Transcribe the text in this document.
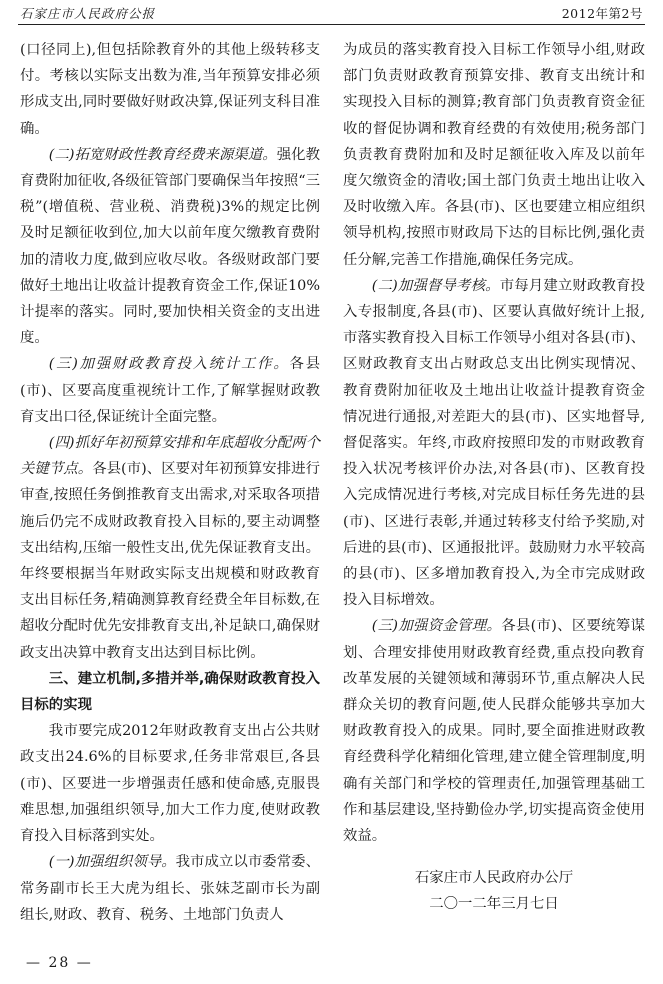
石家庄市人民政府公报	2012年第2号

(口径同上),但包括除教育外的其他上级转移支付。考核以实际支出数为准,当年预算安排必须形成支出,同时要做好财政决算,保证列支科目准确。

(二)拓宽财政性教育经费来源渠道。强化教育费附加征收,各级征管部门要确保当年按照“三税”(增值税、营业税、消费税)3%的规定比例及时足额征收到位,加大以前年度欠缴教育费附加的清收力度,做到应收尽收。各级财政部门要做好土地出让收益计提教育资金工作,保证10%计提率的落实。同时,要加快相关资金的支出进度。

(三)加强财政教育投入统计工作。各县(市)、区要高度重视统计工作,了解掌握财政教育支出口径,保证统计全面完整。

(四)抓好年初预算安排和年底超收分配两个关键节点。各县(市)、区要对年初预算安排进行审查,按照任务倒推教育支出需求,对采取各项措施后仍完不成财政教育投入目标的,要主动调整支出结构,压缩一般性支出,优先保证教育支出。年终要根据当年财政实际支出规模和财政教育支出目标任务,精确测算教育经费全年目标数,在超收分配时优先安排教育支出,补足缺口,确保财政支出决算中教育支出达到目标比例。

三、建立机制,多措并举,确保财政教育投入目标的实现

我市要完成2012年财政教育支出占公共财政支出24.6%的目标要求,任务非常艰巨,各县(市)、区要进一步增强责任感和使命感,克服畏难思想,加强组织领导,加大工作力度,使财政教育投入目标落到实处。

(一)加强组织领导。我市成立以市委常委、常务副市长王大虎为组长、张妹芝副市长为副组长,财政、教育、税务、土地部门负责人

为成员的落实教育投入目标工作领导小组,财政部门负责财政教育预算安排、教育支出统计和实现投入目标的测算;教育部门负责教育资金征收的督促协调和教育经费的有效使用;税务部门负责教育费附加和及时足额征收入库及以前年度欠缴资金的清收;国土部门负责土地出让收入及时收缴入库。各县(市)、区也要建立相应组织领导机构,按照市财政局下达的目标比例,强化责任分解,完善工作措施,确保任务完成。

(二)加强督导考核。市每月建立财政教育投入专报制度,各县(市)、区要认真做好统计上报,市落实教育投入目标工作领导小组对各县(市)、区财政教育支出占财政总支出比例实现情况、教育费附加征收及土地出让收益计提教育资金情况进行通报,对差距大的县(市)、区实地督导,督促落实。年终,市政府按照印发的市财政教育投入状况考核评价办法,对各县(市)、区教育投入完成情况进行考核,对完成目标任务先进的县(市)、区进行表彰,并通过转移支付给予奖励,对后进的县(市)、区通报批评。鼓励财力水平较高的县(市)、区多增加教育投入,为全市完成财政投入目标增效。

(三)加强资金管理。各县(市)、区要统筹谋划、合理安排使用财政教育经费,重点投向教育改革发展的关键领域和薄弱环节,重点解决人民群众关切的教育问题,使人民群众能够共享加大财政教育投入的成果。同时,要全面推进财政教育经费科学化精细化管理,建立健全管理制度,明确有关部门和学校的管理责任,加强管理基础工作和基层建设,坚持勤俭办学,切实提高资金使用效益。

石家庄市人民政府办公厅

二〇一二年三月七日

— 28 —
